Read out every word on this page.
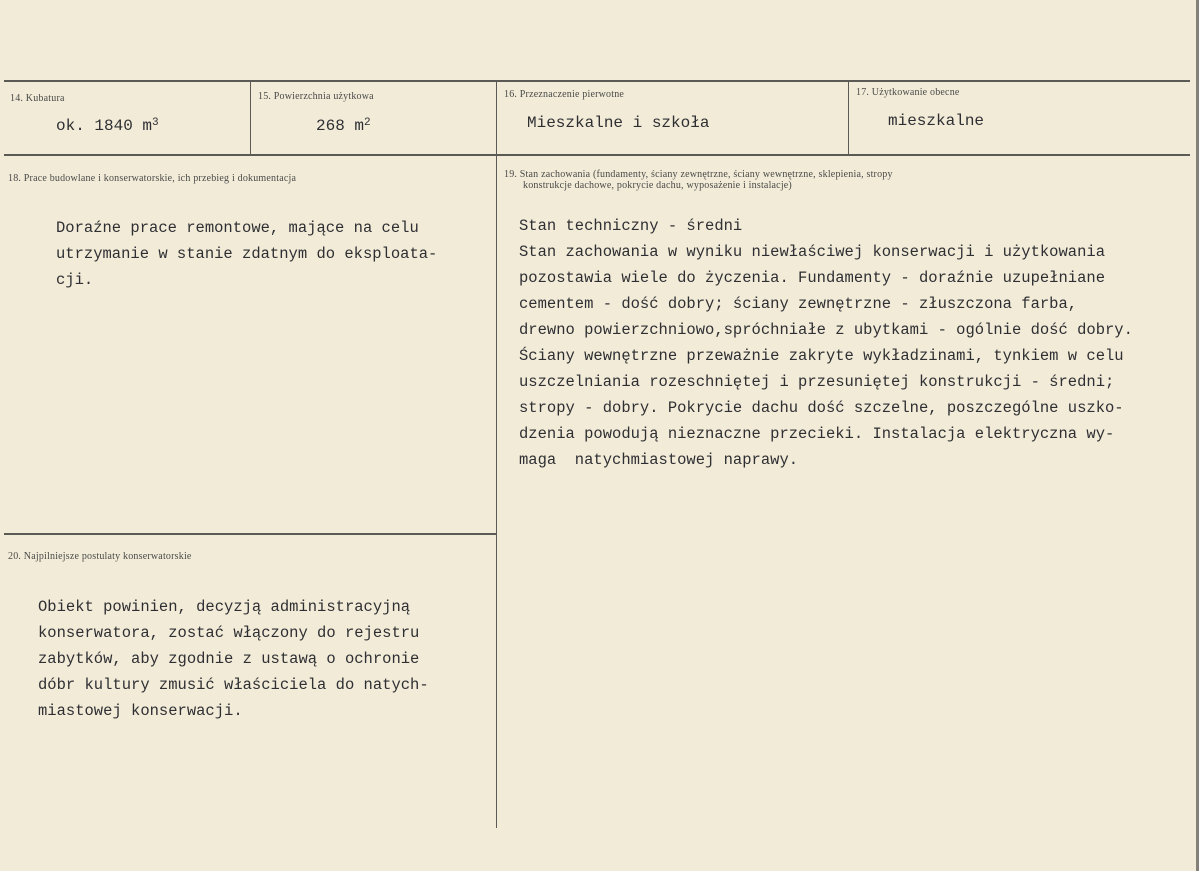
14. Kubatura
ok. 1840 $m^3$
15. Powierzchnia użytkowa
268 $m^2$
16. Przeznaczenie pierwotne
Mieszkalne i szkoła
17. Użytkowanie obecne
mieszkalne
18. Prace budowlane i konserwatorskie, ich przebieg i dokumentacja
Doraźne prace remontowe, mające na celu
utrzymanie w stanie zdatnym do eksploata-
cji.
19. Stan zachowania (fundamenty, ściany zewnętrzne, ściany wewnętrzne, sklepienia, stropy
konstrukcje dachowe, pokrycie dachu, wyposażenie i instalacje)
Stan techniczny - średni
Stan zachowania w wyniku niewłaściwej konserwacji i użytkowania
pozostawia wiele do życzenia. Fundamenty - doraźnie uzupełniane
cementem - dość dobry; ściany zewnętrzne - złuszczona farba,
drewno powierzchniowo,spróchniałe z ubytkami - ogólnie dość dobry.
Ściany wewnętrzne przeważnie zakryte wykładzinami, tynkiem w celu
uszczelniania rozeschniętej i przesuniętej konstrukcji - średni;
stropy - dobry. Pokrycie dachu dość szczelne, poszczególne uszko-
dzenia powodują nieznaczne przecieki. Instalacja elektryczna wy-
maga  natychmiastowej naprawy.
20. Najpilniejsze postulaty konserwatorskie
Obiekt powinien, decyzją administracyjną
konserwatora, zostać włączony do rejestru
zabytków, aby zgodnie z ustawą o ochronie
dóbr kultury zmusić właściciela do natych-
miastowej konserwacji.
